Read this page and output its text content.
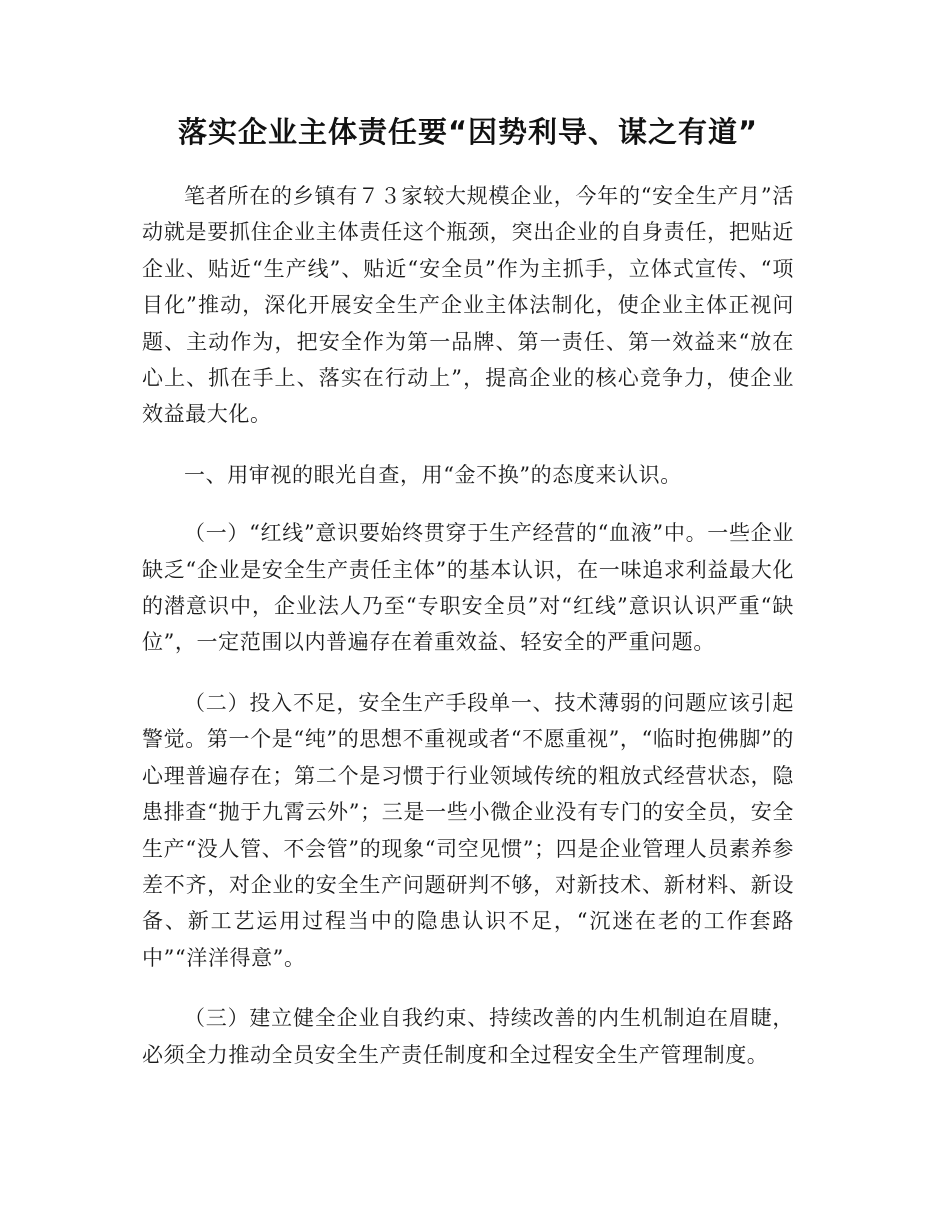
落实企业主体责任要“因势利导、谋之有道”

笔者所在的乡镇有７３家较大规模企业，今年的“安全生产月”活动就是要抓住企业主体责任这个瓶颈，突出企业的自身责任，把贴近企业、贴近“生产线”、贴近“安全员”作为主抓手，立体式宣传、“项目化”推动，深化开展安全生产企业主体法制化，使企业主体正视问题、主动作为，把安全作为第一品牌、第一责任、第一效益来“放在心上、抓在手上、落实在行动上”，提高企业的核心竞争力，使企业效益最大化。

一、用审视的眼光自查，用“金不换”的态度来认识。

（一）“红线”意识要始终贯穿于生产经营的“血液”中。一些企业缺乏“企业是安全生产责任主体”的基本认识，在一味追求利益最大化的潜意识中，企业法人乃至“专职安全员”对“红线”意识认识严重“缺位”，一定范围以内普遍存在着重效益、轻安全的严重问题。

（二）投入不足，安全生产手段单一、技术薄弱的问题应该引起警觉。第一个是“纯”的思想不重视或者“不愿重视”，“临时抱佛脚”的心理普遍存在；第二个是习惯于行业领域传统的粗放式经营状态，隐患排查“抛于九霄云外”；三是一些小微企业没有专门的安全员，安全生产“没人管、不会管”的现象“司空见惯”；四是企业管理人员素养参差不齐，对企业的安全生产问题研判不够，对新技术、新材料、新设备、新工艺运用过程当中的隐患认识不足，“沉迷在老的工作套路中”“洋洋得意”。

（三）建立健全企业自我约束、持续改善的内生机制迫在眉睫，必须全力推动全员安全生产责任制度和全过程安全生产管理制度。
